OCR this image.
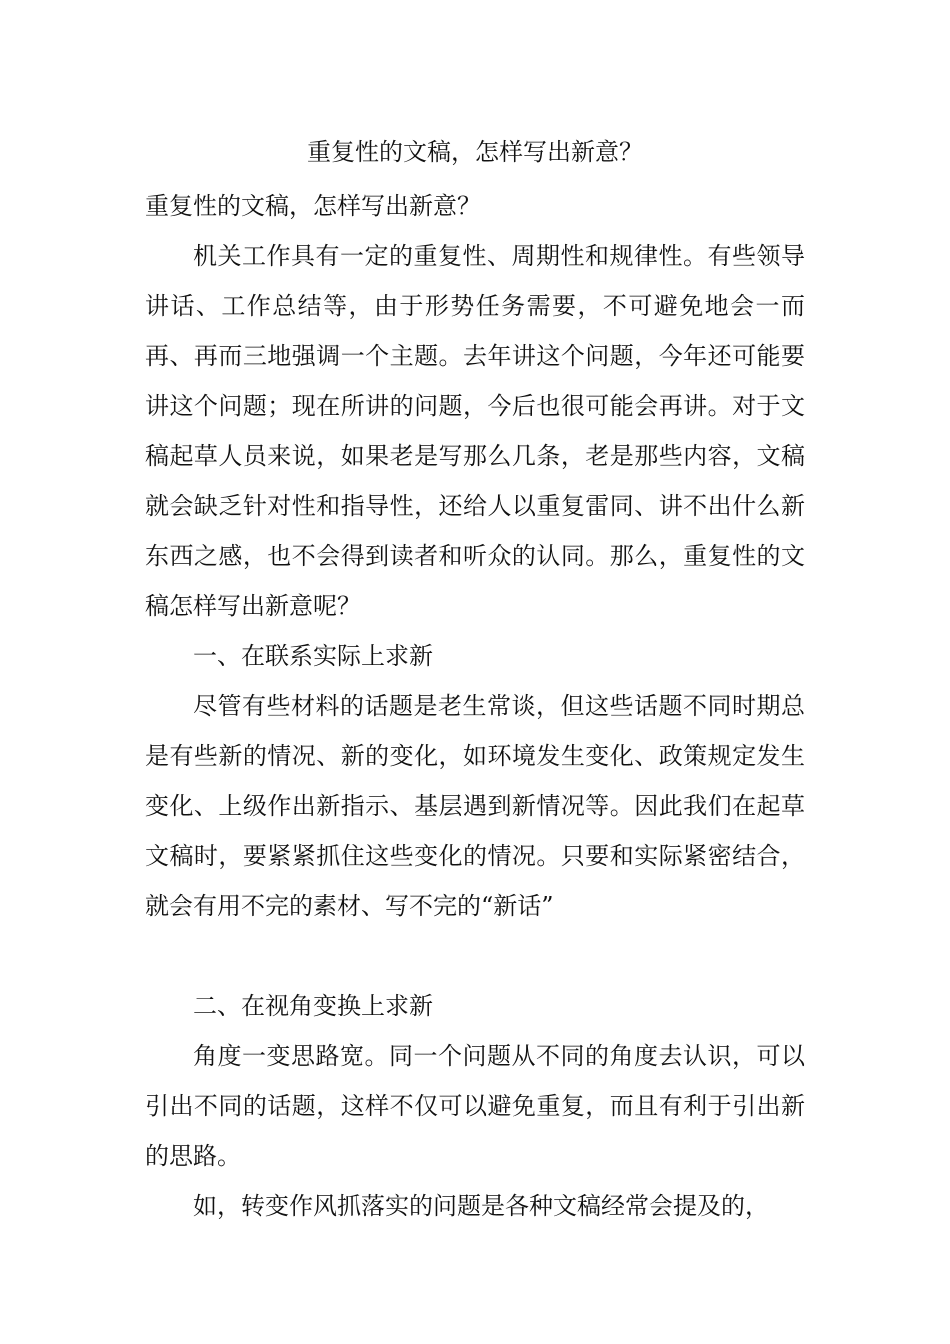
重复性的文稿，怎样写出新意？

重复性的文稿，怎样写出新意？

机关工作具有一定的重复性、周期性和规律性。有些领导讲话、工作总结等，由于形势任务需要，不可避免地会一而再、再而三地强调一个主题。去年讲这个问题，今年还可能要讲这个问题；现在所讲的问题，今后也很可能会再讲。对于文稿起草人员来说，如果老是写那么几条，老是那些内容，文稿就会缺乏针对性和指导性，还给人以重复雷同、讲不出什么新东西之感，也不会得到读者和听众的认同。那么，重复性的文稿怎样写出新意呢？

一、在联系实际上求新

尽管有些材料的话题是老生常谈，但这些话题不同时期总是有些新的情况、新的变化，如环境发生变化、政策规定发生变化、上级作出新指示、基层遇到新情况等。因此我们在起草文稿时，要紧紧抓住这些变化的情况。只要和实际紧密结合，就会有用不完的素材、写不完的“新话”

二、在视角变换上求新

角度一变思路宽。同一个问题从不同的角度去认识，可以引出不同的话题，这样不仅可以避免重复，而且有利于引出新的思路。

如，转变作风抓落实的问题是各种文稿经常会提及的，
